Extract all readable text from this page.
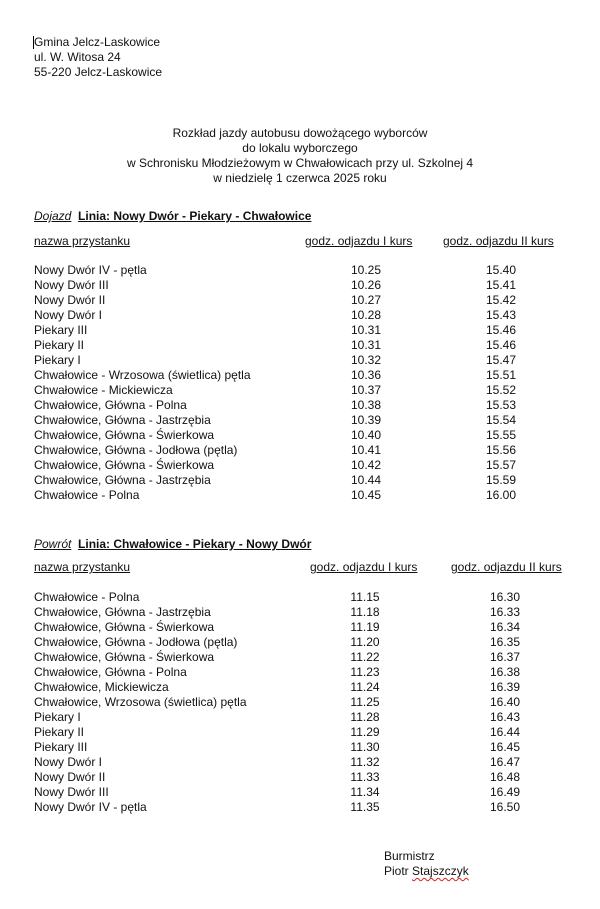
Gmina Jelcz-Laskowice
ul. W. Witosa 24
55-220 Jelcz-Laskowice
Rozkład jazdy autobusu dowożącego wyborców
do lokalu wyborczego
w Schronisku Młodzieżowym w Chwałowicach przy ul. Szkolnej 4
w niedzielę 1 czerwca 2025 roku
Dojazd Linia: Nowy Dwór - Piekary - Chwałowice
nazwa przystanku	godz. odjazdu I kurs	godz. odjazdu II kurs
Nowy Dwór IV - pętla	10.25	15.40
Nowy Dwór III	10.26	15.41
Nowy Dwór II	10.27	15.42
Nowy Dwór I	10.28	15.43
Piekary III	10.31	15.46
Piekary II	10.31	15.46
Piekary I	10.32	15.47
Chwałowice - Wrzosowa (świetlica) pętla	10.36	15.51
Chwałowice - Mickiewicza	10.37	15.52
Chwałowice, Główna - Polna	10.38	15.53
Chwałowice, Główna - Jastrzębia	10.39	15.54
Chwałowice, Główna - Świerkowa	10.40	15.55
Chwałowice, Główna - Jodłowa (pętla)	10.41	15.56
Chwałowice, Główna - Świerkowa	10.42	15.57
Chwałowice, Główna - Jastrzębia	10.44	15.59
Chwałowice - Polna	10.45	16.00
Powrót Linia: Chwałowice - Piekary - Nowy Dwór
nazwa przystanku	godz. odjazdu I kurs	godz. odjazdu II kurs
Chwałowice - Polna	11.15	16.30
Chwałowice, Główna - Jastrzębia	11.18	16.33
Chwałowice, Główna - Świerkowa	11.19	16.34
Chwałowice, Główna - Jodłowa (pętla)	11.20	16.35
Chwałowice, Główna - Świerkowa	11.22	16.37
Chwałowice, Główna - Polna	11.23	16.38
Chwałowice, Mickiewicza	11.24	16.39
Chwałowice, Wrzosowa (świetlica) pętla	11.25	16.40
Piekary I	11.28	16.43
Piekary II	11.29	16.44
Piekary III	11.30	16.45
Nowy Dwór I	11.32	16.47
Nowy Dwór II	11.33	16.48
Nowy Dwór III	11.34	16.49
Nowy Dwór IV - pętla	11.35	16.50
Burmistrz
Piotr Stajszczyk
